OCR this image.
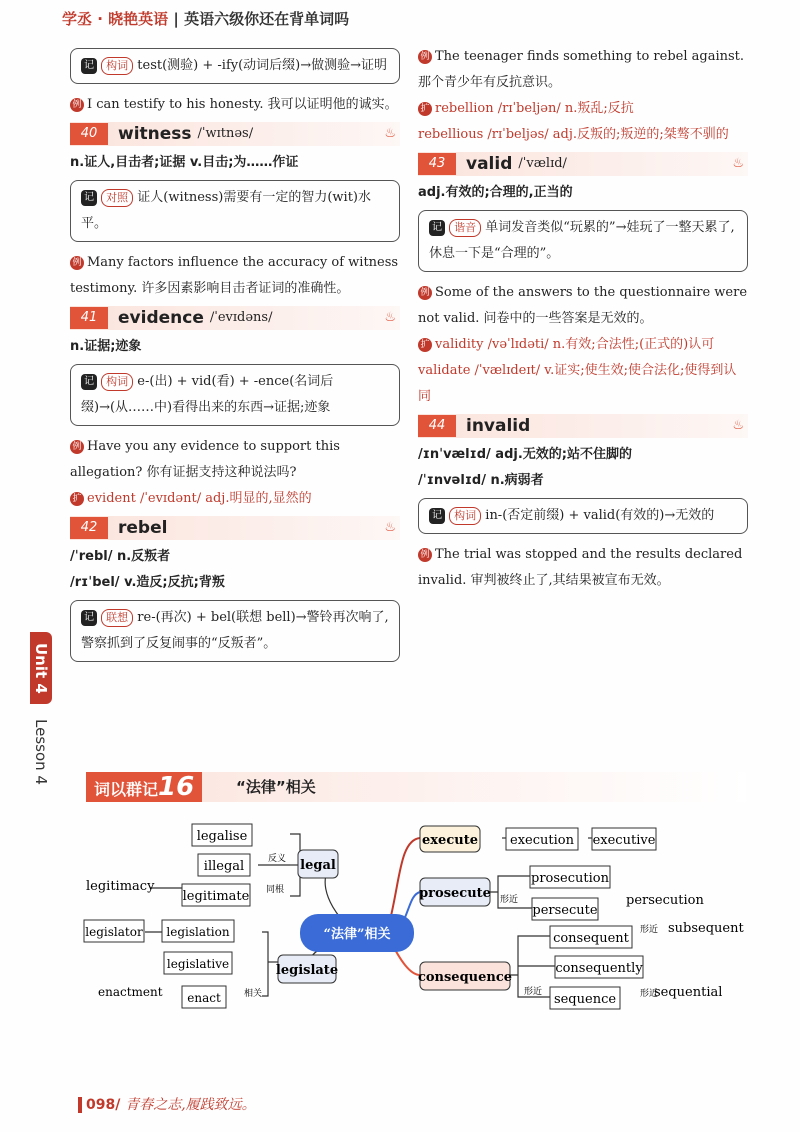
学丞 · 晓艳英语 | 英语六级你还在背单词吗
记 构词 test(测验) + -ify(动词后缀)→做测验→证明
例 I can testify to his honesty. 我可以证明他的诚实。
40	witness /ˈwɪtnəs/	♨
n.证人,目击者;证据 v.目击;为……作证
记 对照 证人(witness)需要有一定的智力(wit)水平。
例 Many factors influence the accuracy of witness testimony. 许多因素影响目击者证词的准确性。
41	evidence /ˈevɪdəns/	♨
n.证据;迹象
记 构词 e-(出) + vid(看) + -ence(名词后缀)→(从……中)看得出来的东西→证据;迹象
例 Have you any evidence to support this allegation? 你有证据支持这种说法吗?
扩 evident /ˈevɪdənt/ adj.明显的,显然的
42	rebel	♨
/ˈrebl/ n.反叛者
/rɪˈbel/ v.造反;反抗;背叛
记 联想 re-(再次) + bel(联想 bell)→警铃再次响了,警察抓到了反复闹事的“反叛者”。
例 The teenager finds something to rebel against. 那个青少年有反抗意识。
扩 rebellion /rɪˈbeljən/ n.叛乱;反抗
rebellious /rɪˈbeljəs/ adj.反叛的;叛逆的;桀骜不驯的
43	valid /ˈvælɪd/	♨
adj.有效的;合理的,正当的
记 谐音 单词发音类似“玩累的”→娃玩了一整天累了,休息一下是“合理的”。
例 Some of the answers to the questionnaire were not valid. 问卷中的一些答案是无效的。
扩 validity /vəˈlɪdəti/ n.有效;合法性;(正式的)认可
validate /ˈvælɪdeɪt/ v.证实;使生效;使合法化;使得到认同
44	invalid	♨
/ɪnˈvælɪd/ adj.无效的;站不住脚的
/ˈɪnvəlɪd/ n.病弱者
记 构词 in-(否定前缀) + valid(有效的)→无效的
例 The trial was stopped and the results declared invalid. 审判被终止了,其结果被宣布无效。
Unit 4
Lesson 4
词以群记16	“法律”相关
“法律”相关
legal
legalise
illegal	反义
legitimate 同根
legitimacy
legislate
legislator legislation
legislative
enact	相关
enactment
execute execution executive
prosecute
prosecution
persecute
形近	persecution
consequence
consequent
形近 subsequent
consequently
sequence
形近	形近
sequential
098/ 青春之志,履践致远。
